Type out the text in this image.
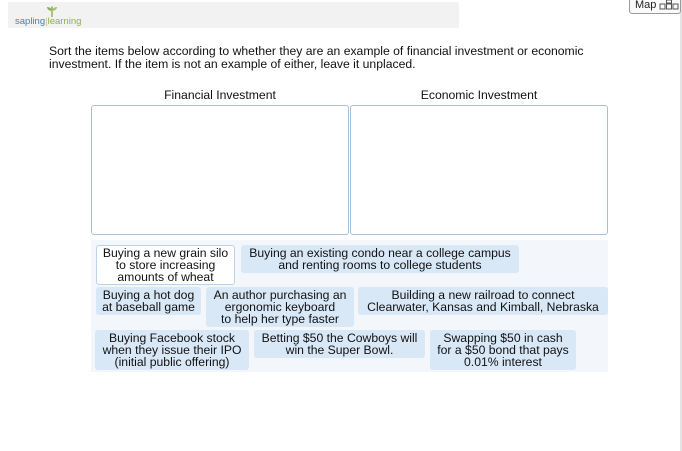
sapling|learning
Map
Sort the items below according to whether they are an example of financial investment or economic investment. If the item is not an example of either, leave it unplaced.
Financial Investment	Economic Investment
Buying a new grain silo
to store increasing
amounts of wheat
Buying an existing condo near a college campus
and renting rooms to college students
Buying a hot dog
at baseball game
An author purchasing an
ergonomic keyboard
to help her type faster
Building a new railroad to connect
Clearwater, Kansas and Kimball, Nebraska
Buying Facebook stock
when they issue their IPO
(initial public offering)
Betting $50 the Cowboys will
win the Super Bowl.
Swapping $50 in cash
for a $50 bond that pays
0.01% interest
